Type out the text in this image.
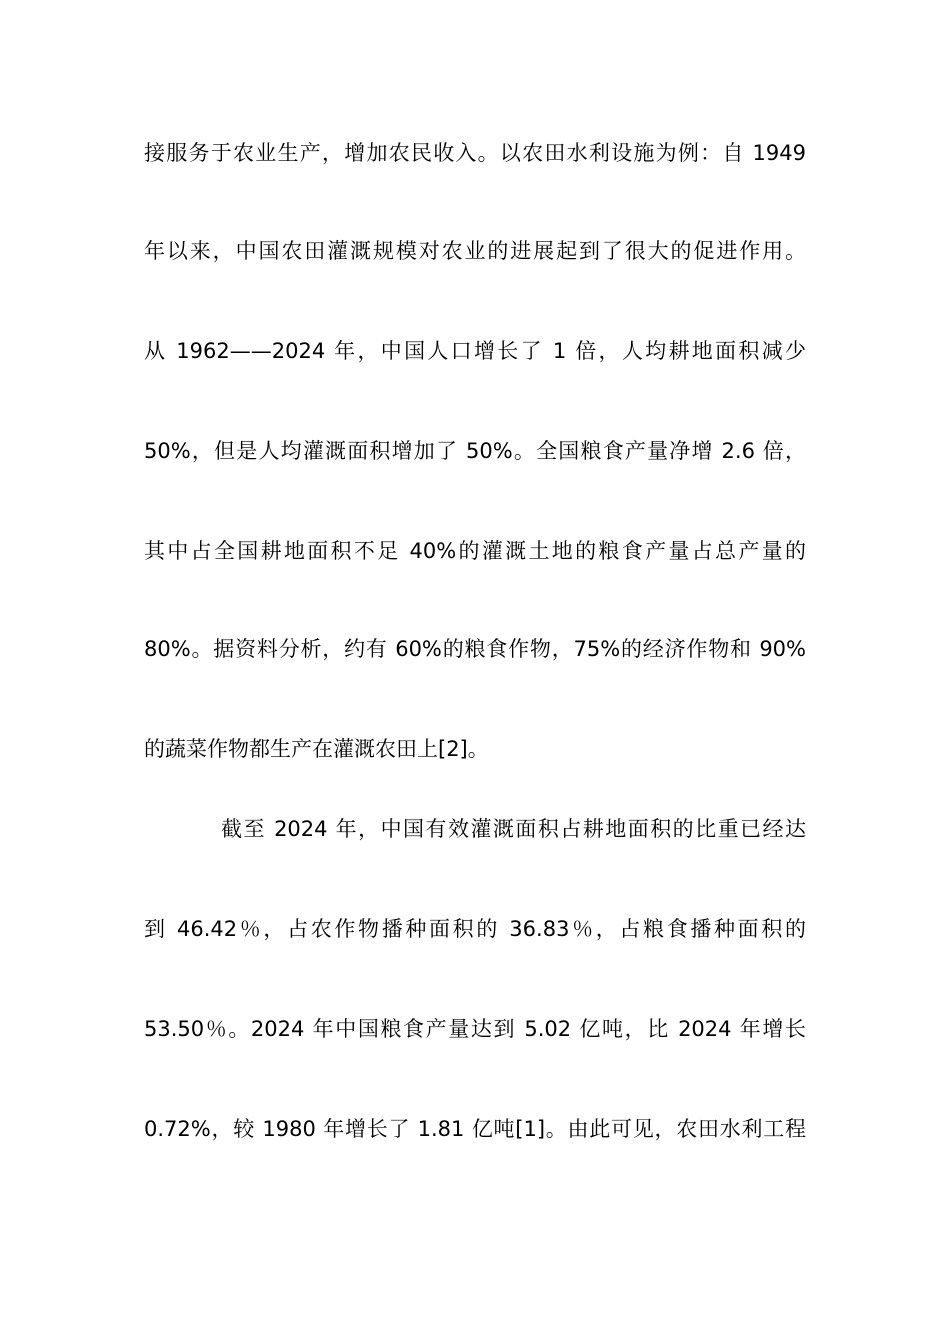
接服务于农业生产，增加农民收入。以农田水利设施为例：自 1949
年以来，中国农田灌溉规模对农业的进展起到了很大的促进作用。
从 1962——2024 年，中国人口增长了 1 倍，人均耕地面积减少
50%，但是人均灌溉面积增加了 50%。全国粮食产量净增 2.6 倍，
其中占全国耕地面积不足 40%的灌溉土地的粮食产量占总产量的
80%。据资料分析，约有 60%的粮食作物，75%的经济作物和 90%
的蔬菜作物都生产在灌溉农田上[2]。
截至 2024 年，中国有效灌溉面积占耕地面积的比重已经达
到 46.42％，占农作物播种面积的 36.83％，占粮食播种面积的
53.50％。2024 年中国粮食产量达到 5.02 亿吨，比 2024 年增长
0.72%，较 1980 年增长了 1.81 亿吨[1]。由此可见，农田水利工程
